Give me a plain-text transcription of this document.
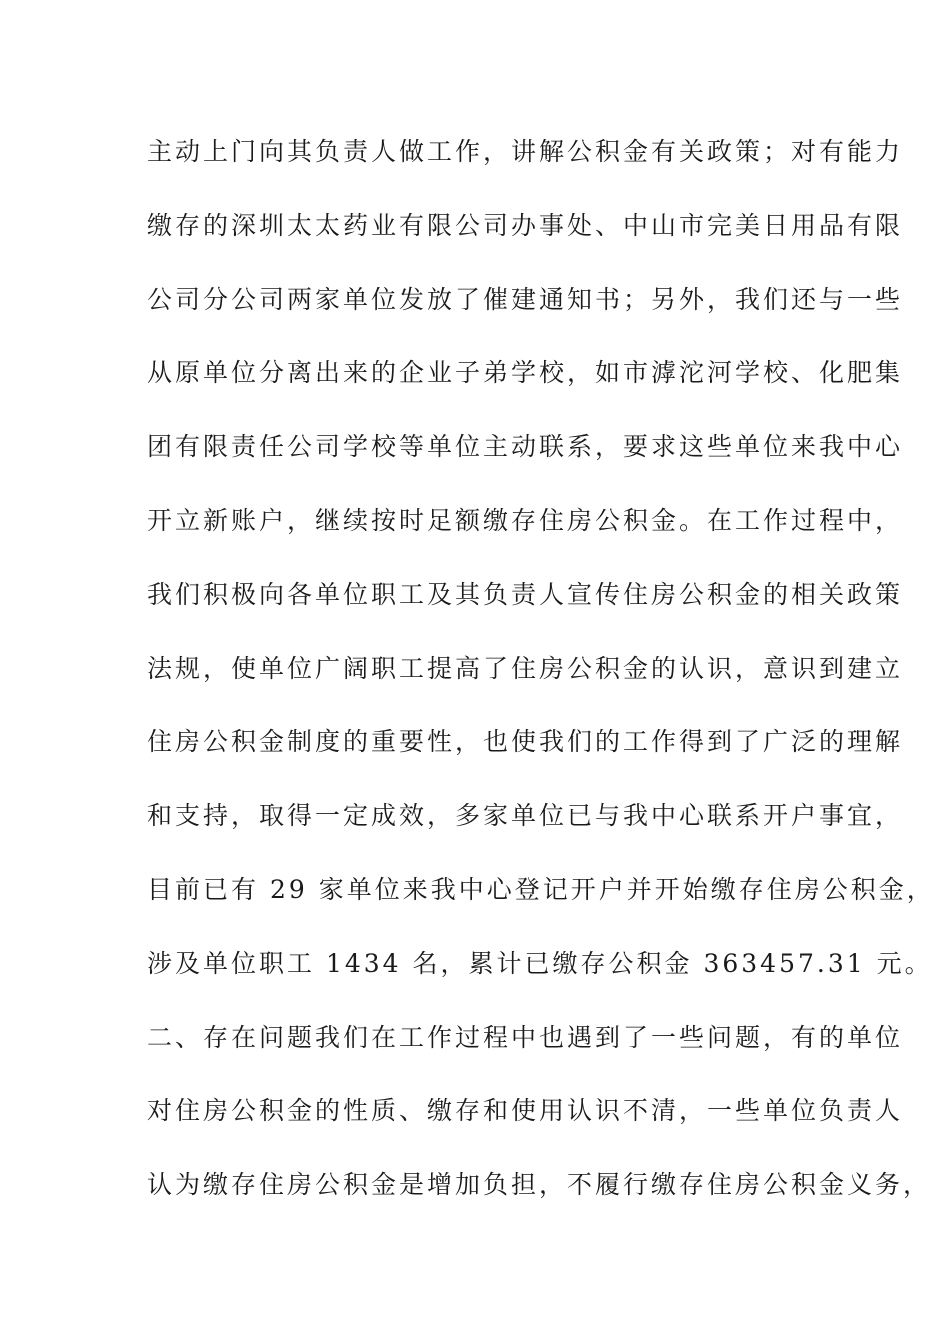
主动上门向其负责人做工作，讲解公积金有关政策；对有能力
缴存的深圳太太药业有限公司办事处、中山市完美日用品有限
公司分公司两家单位发放了催建通知书；另外，我们还与一些
从原单位分离出来的企业子弟学校，如市滹沱河学校、化肥集
团有限责任公司学校等单位主动联系，要求这些单位来我中心
开立新账户，继续按时足额缴存住房公积金。在工作过程中，
我们积极向各单位职工及其负责人宣传住房公积金的相关政策
法规，使单位广阔职工提高了住房公积金的认识，意识到建立
住房公积金制度的重要性，也使我们的工作得到了广泛的理解
和支持，取得一定成效，多家单位已与我中心联系开户事宜，
目前已有 29 家单位来我中心登记开户并开始缴存住房公积金，
涉及单位职工 1434 名，累计已缴存公积金 363457.31 元。
二、存在问题我们在工作过程中也遇到了一些问题，有的单位
对住房公积金的性质、缴存和使用认识不清，一些单位负责人
认为缴存住房公积金是增加负担，不履行缴存住房公积金义务，
